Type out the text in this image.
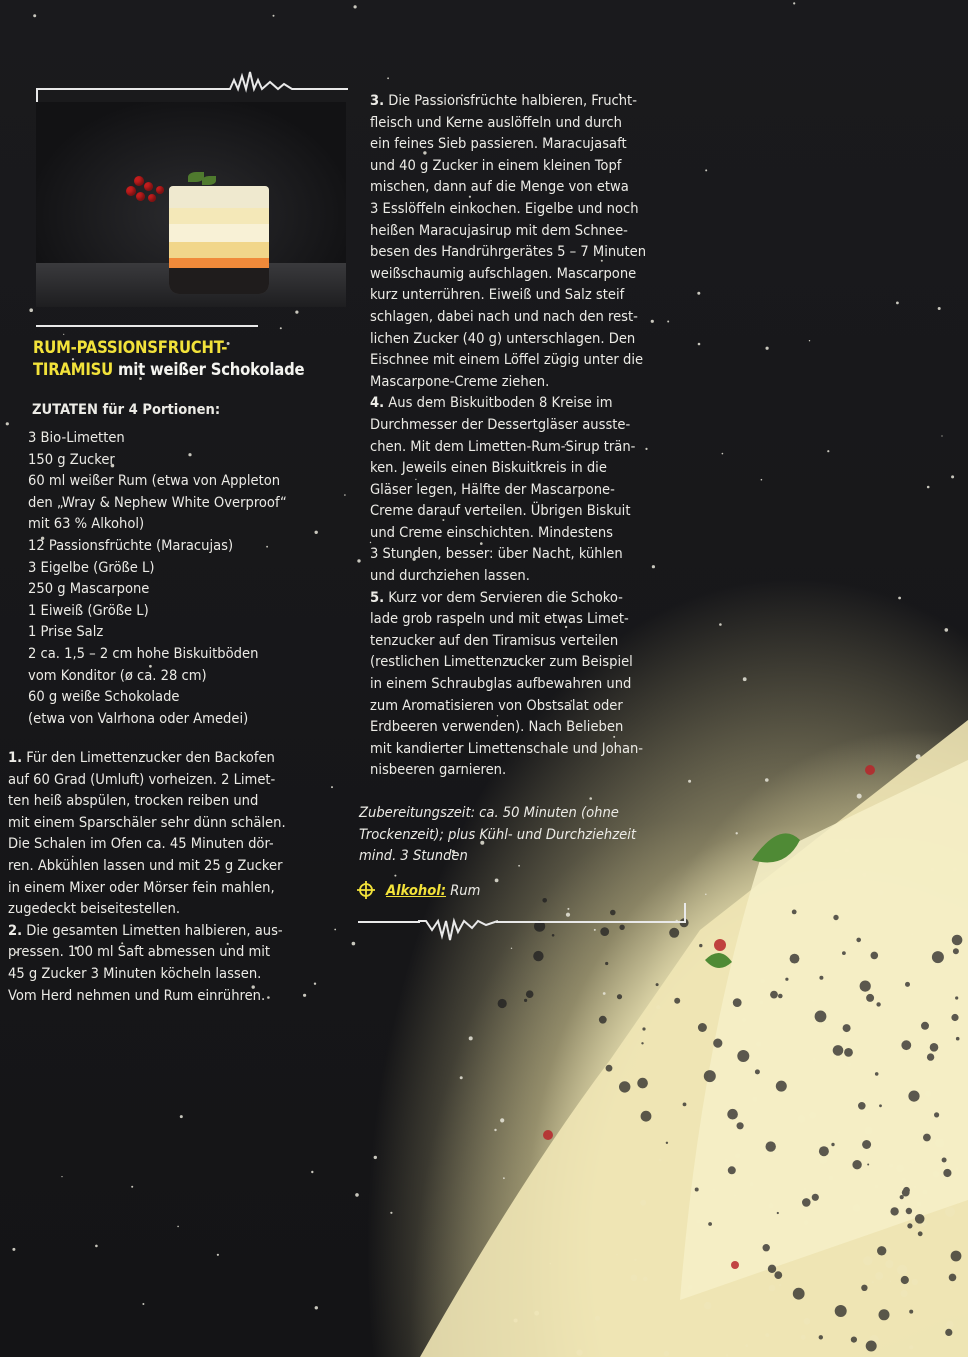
RUM-PASSIONSFRUCHT-
TIRAMISU mit weißer Schokolade

ZUTATEN für 4 Portionen:

3 Bio-Limetten

150 g Zucker

60 ml weißer Rum (etwa von Appleton

den „Wray & Nephew White Overproof“

mit 63 % Alkohol)

12 Passionsfrüchte (Maracujas)

3 Eigelbe (Größe L)

250 g Mascarpone

1 Eiweiß (Größe L)

1 Prise Salz

2 ca. 1,5 – 2 cm hohe Biskuitböden

vom Konditor (ø ca. 28 cm)

60 g weiße Schokolade

(etwa von Valrhona oder Amedei)

1. Für den Limettenzucker den Backofen

auf 60 Grad (Umluft) vorheizen. 2 Limet-

ten heiß abspülen, trocken reiben und

mit einem Sparschäler sehr dünn schälen.

Die Schalen im Ofen ca. 45 Minuten dör-

ren. Abkühlen lassen und mit 25 g Zucker

in einem Mixer oder Mörser fein mahlen,

zugedeckt beiseitestellen.

2. Die gesamten Limetten halbieren, aus-

pressen. 100 ml Saft abmessen und mit

45 g Zucker 3 Minuten köcheln lassen.

Vom Herd nehmen und Rum einrühren.

3. Die Passionsfrüchte halbieren, Frucht-

fleisch und Kerne auslöffeln und durch

ein feines Sieb passieren. Maracujasaft

und 40 g Zucker in einem kleinen Topf

mischen, dann auf die Menge von etwa

3 Esslöffeln einkochen. Eigelbe und noch

heißen Maracujasirup mit dem Schnee-

besen des Handrührgerätes 5 – 7 Minuten

weißschaumig aufschlagen. Mascarpone

kurz unterrühren. Eiweiß und Salz steif

schlagen, dabei nach und nach den rest-

lichen Zucker (40 g) unterschlagen. Den

Eischnee mit einem Löffel zügig unter die

Mascarpone-Creme ziehen.

4. Aus dem Biskuitboden 8 Kreise im

Durchmesser der Dessertgläser ausste-

chen. Mit dem Limetten-Rum-Sirup trän-

ken. Jeweils einen Biskuitkreis in die

Gläser legen, Hälfte der Mascarpone-

Creme darauf verteilen. Übrigen Biskuit

und Creme einschichten. Mindestens

3 Stunden, besser: über Nacht, kühlen

und durchziehen lassen.

5. Kurz vor dem Servieren die Schoko-

lade grob raspeln und mit etwas Limet-

tenzucker auf den Tiramisus verteilen

(restlichen Limettenzucker zum Beispiel

in einem Schraubglas aufbewahren und

zum Aromatisieren von Obstsalat oder

Erdbeeren verwenden). Nach Belieben

mit kandierter Limettenschale und Johan-

nisbeeren garnieren.

Zubereitungszeit: ca. 50 Minuten (ohne

Trockenzeit); plus Kühl- und Durchziehzeit

mind. 3 Stunden

Alkohol: Rum
